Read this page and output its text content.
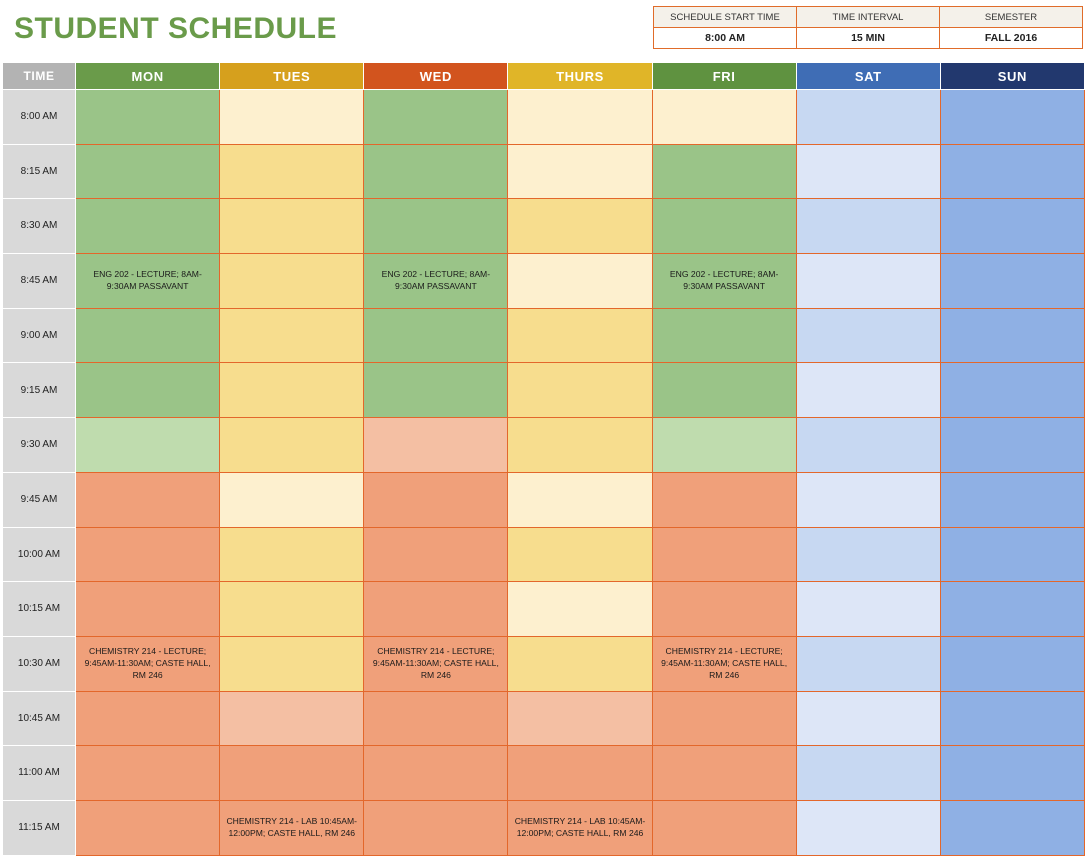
STUDENT SCHEDULE	SCHEDULE START TIME	TIME INTERVAL	SEMESTER
8:00 AM	15 MIN	FALL 2016
TIME	MON	TUES	WED	THURS	FRI	SAT	SUN
8:00 AM							
8:15 AM							
8:30 AM							
8:45 AM	ENG 202 - LECTURE; 8AM-9:30AM PASSAVANT		ENG 202 - LECTURE; 8AM-9:30AM PASSAVANT		ENG 202 - LECTURE; 8AM-9:30AM PASSAVANT		

9:00 AM							
9:15 AM							
9:30 AM							
9:45 AM							
10:00 AM							
10:15 AM							
10:30 AM	CHEMISTRY 214 - LECTURE; 9:45AM-11:30AM; CASTE HALL, RM 246		CHEMISTRY 214 - LECTURE; 9:45AM-11:30AM; CASTE HALL, RM 246		CHEMISTRY 214 - LECTURE; 9:45AM-11:30AM; CASTE HALL, RM 246		

10:45 AM							
11:00 AM							
11:15 AM		CHEMISTRY 214 - LAB 10:45AM-12:00PM; CASTE HALL, RM 246		CHEMISTRY 214 - LAB 10:45AM-12:00PM; CASTE HALL, RM 246			
